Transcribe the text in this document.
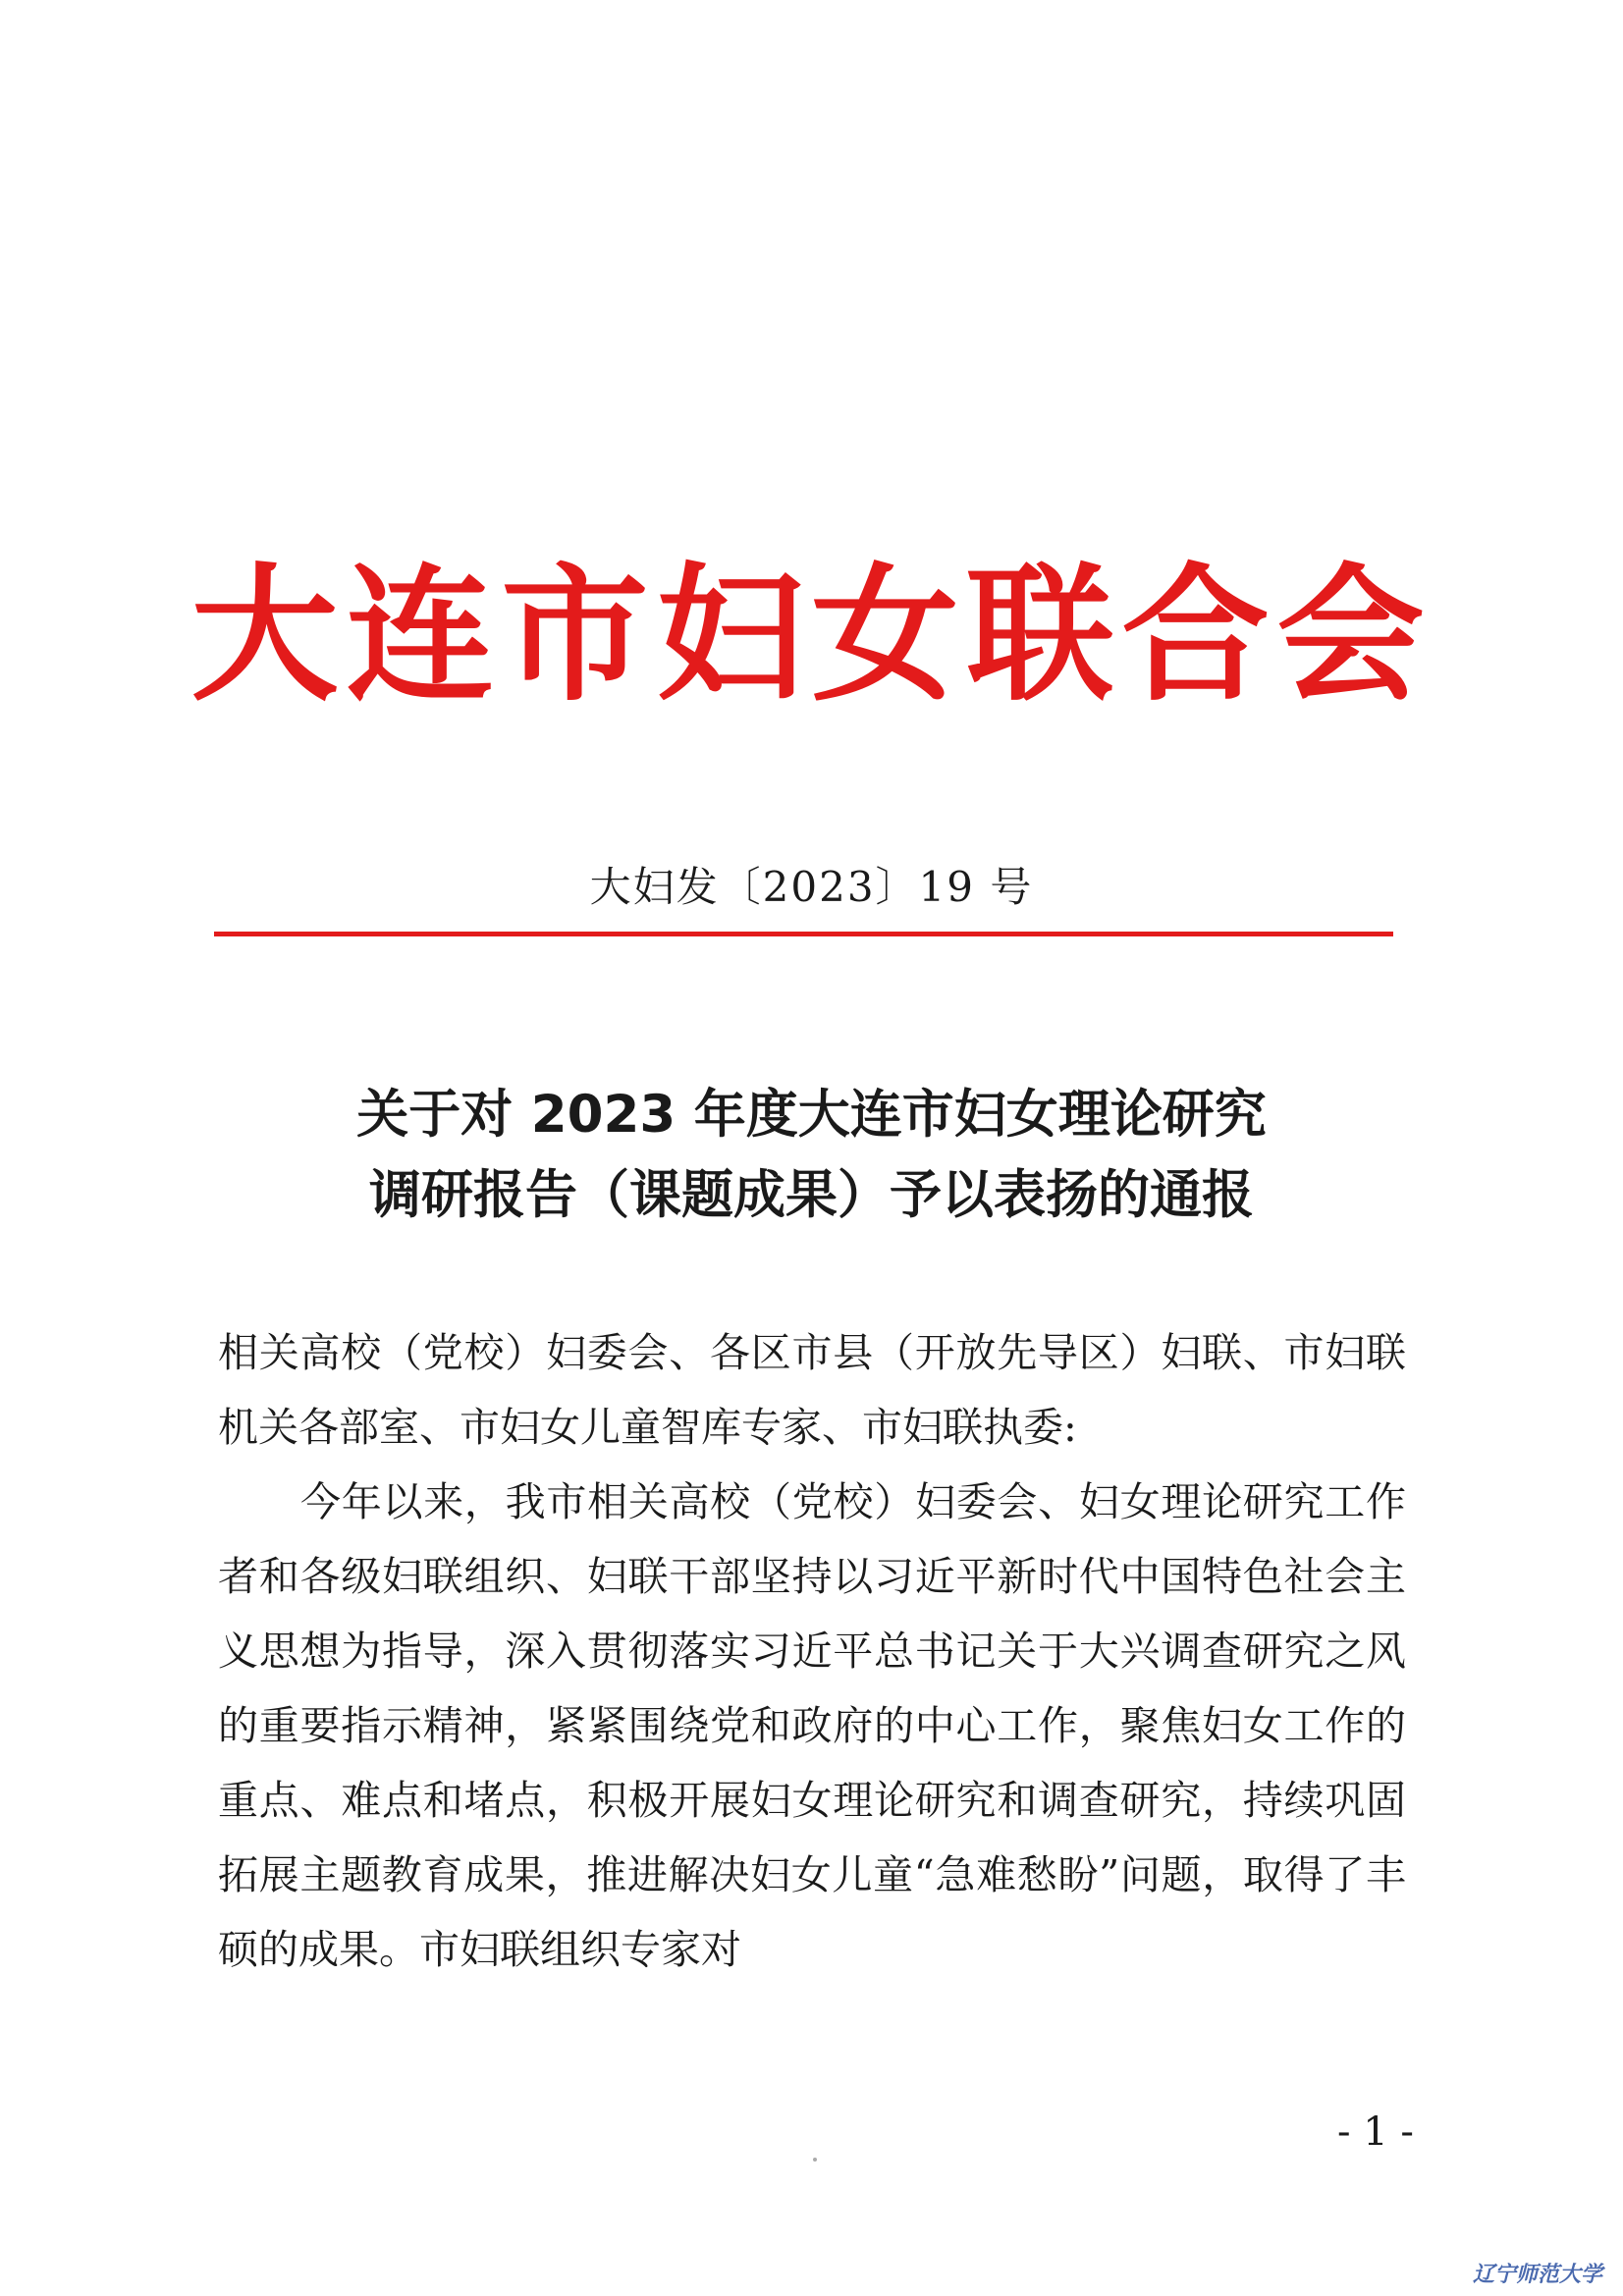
大连市妇女联合会
大妇发〔2023〕19 号
关于对 2023 年度大连市妇女理论研究
调研报告（课题成果）予以表扬的通报

相关高校（党校）妇委会、各区市县（开放先导区）妇联、市妇联机关各部室、市妇女儿童智库专家、市妇联执委:

今年以来，我市相关高校（党校）妇委会、妇女理论研究工作者和各级妇联组织、妇联干部坚持以习近平新时代中国特色社会主义思想为指导，深入贯彻落实习近平总书记关于大兴调查研究之风的重要指示精神，紧紧围绕党和政府的中心工作，聚焦妇女工作的重点、难点和堵点，积极开展妇女理论研究和调查研究，持续巩固拓展主题教育成果，推进解决妇女儿童“急难愁盼”问题，取得了丰硕的成果。市妇联组织专家对

- 1 -
辽宁师范大学
